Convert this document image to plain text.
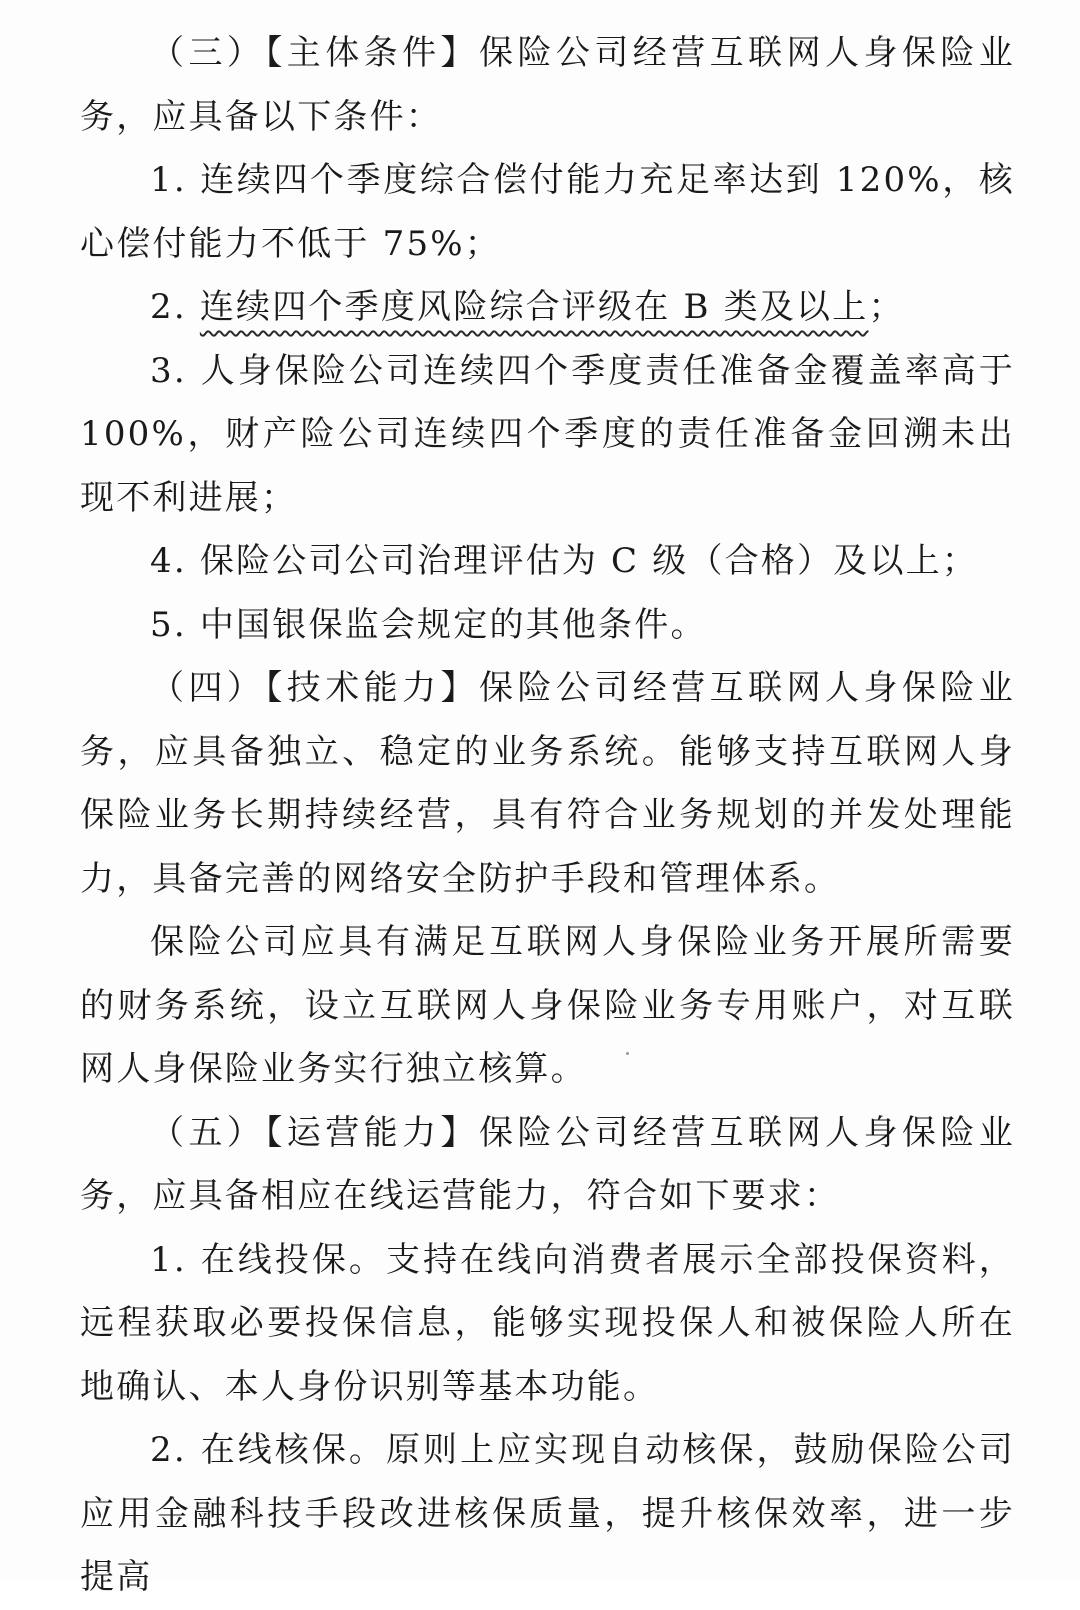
（三）【主体条件】保险公司经营互联网人身保险业务，应具备以下条件：

1. 连续四个季度综合偿付能力充足率达到 120%，核心偿付能力不低于 75%；

2. 连续四个季度风险综合评级在 B 类及以上；

3. 人身保险公司连续四个季度责任准备金覆盖率高于 100%，财产险公司连续四个季度的责任准备金回溯未出现不利进展；

4. 保险公司公司治理评估为 C 级（合格）及以上；

5. 中国银保监会规定的其他条件。

（四）【技术能力】保险公司经营互联网人身保险业务，应具备独立、稳定的业务系统。能够支持互联网人身保险业务长期持续经营，具有符合业务规划的并发处理能力，具备完善的网络安全防护手段和管理体系。

保险公司应具有满足互联网人身保险业务开展所需要的财务系统，设立互联网人身保险业务专用账户，对互联网人身保险业务实行独立核算。

（五）【运营能力】保险公司经营互联网人身保险业务，应具备相应在线运营能力，符合如下要求：

1. 在线投保。支持在线向消费者展示全部投保资料，远程获取必要投保信息，能够实现投保人和被保险人所在地确认、本人身份识别等基本功能。

2. 在线核保。原则上应实现自动核保，鼓励保险公司应用金融科技手段改进核保质量，提升核保效率，进一步提高
